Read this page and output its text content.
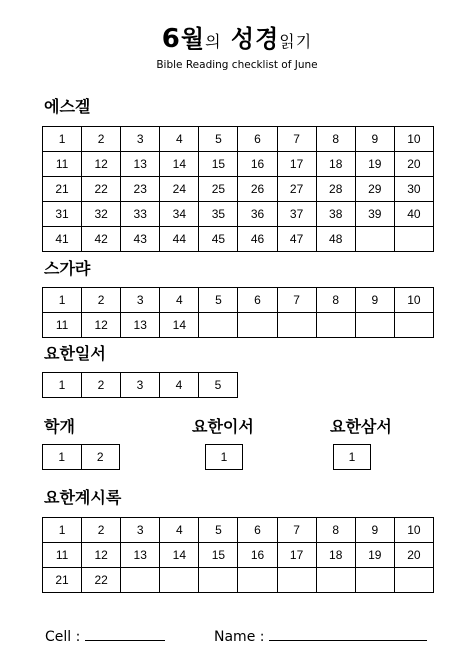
6월의 성경읽기
Bible Reading checklist of June
에스겔
1	2	3	4	5	6	7	8	9	10
11	12	13	14	15	16	17	18	19	20
21	22	23	24	25	26	27	28	29	30
31	32	33	34	35	36	37	38	39	40
41	42	43	44	45	46	47	48		
스가랴
1	2	3	4	5	6	7	8	9	10
11	12	13	14						
요한일서
1	2	3	4	5
학개
1	2
요한이서
1
요한삼서
1
요한계시록
1	2	3	4	5	6	7	8	9	10
11	12	13	14	15	16	17	18	19	20
21	22								
Cell :	Name :
